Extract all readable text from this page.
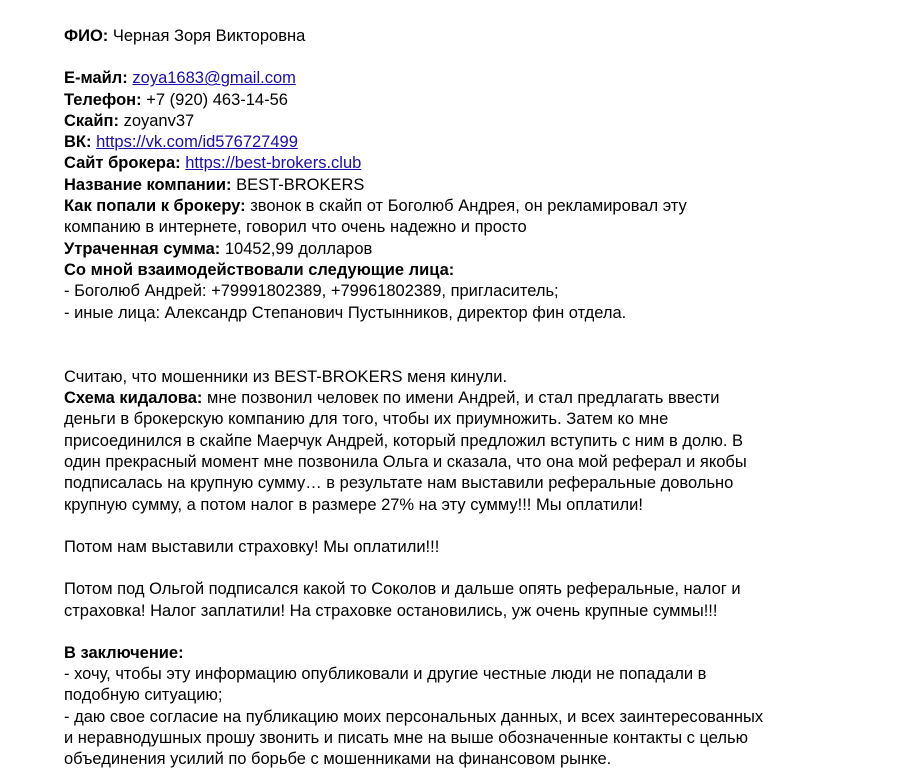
ФИО: Черная Зоря Викторовна

Е-майл: zoya1683@gmail.com

Телефон: +7 (920) 463-14-56

Скайп: zoyanv37

ВК: https://vk.com/id576727499

Сайт брокера: https://best-brokers.club

Название компании: BEST-BROKERS

Как попали к брокеру: звонок в скайп от Боголюб Андрея, он рекламировал эту

компанию в интернете, говорил что очень надежно и просто

Утраченная сумма: 10452,99 долларов

Со мной взаимодействовали следующие лица:

- Боголюб Андрей: +79991802389, +79961802389, пригласитель;

- иные лица: Александр Степанович Пустынников, директор фин отдела.

Считаю, что мошенники из BEST-BROKERS меня кинули.

Схема кидалова: мне позвонил человек по имени Андрей, и стал предлагать ввести

деньги в брокерскую компанию для того, чтобы их приумножить. Затем ко мне

присоединился в скайпе Маерчук Андрей, который предложил вступить с ним в долю. В

один прекрасный момент мне позвонила Ольга и сказала, что она мой реферал и якобы

подписалась на крупную сумму… в результате нам выставили реферальные довольно

крупную сумму, а потом налог в размере 27% на эту сумму!!! Мы оплатили!

Потом нам выставили страховку! Мы оплатили!!!

Потом под Ольгой подписался какой то Соколов и дальше опять реферальные, налог и

страховка! Налог заплатили! На страховке остановились, уж очень крупные суммы!!!

В заключение:

- хочу, чтобы эту информацию опубликовали и другие честные люди не попадали в

подобную ситуацию;

- даю свое согласие на публикацию моих персональных данных, и всех заинтересованных

и неравнодушных прошу звонить и писать мне на выше обозначенные контакты с целью

объединения усилий по борьбе с мошенниками на финансовом рынке.
